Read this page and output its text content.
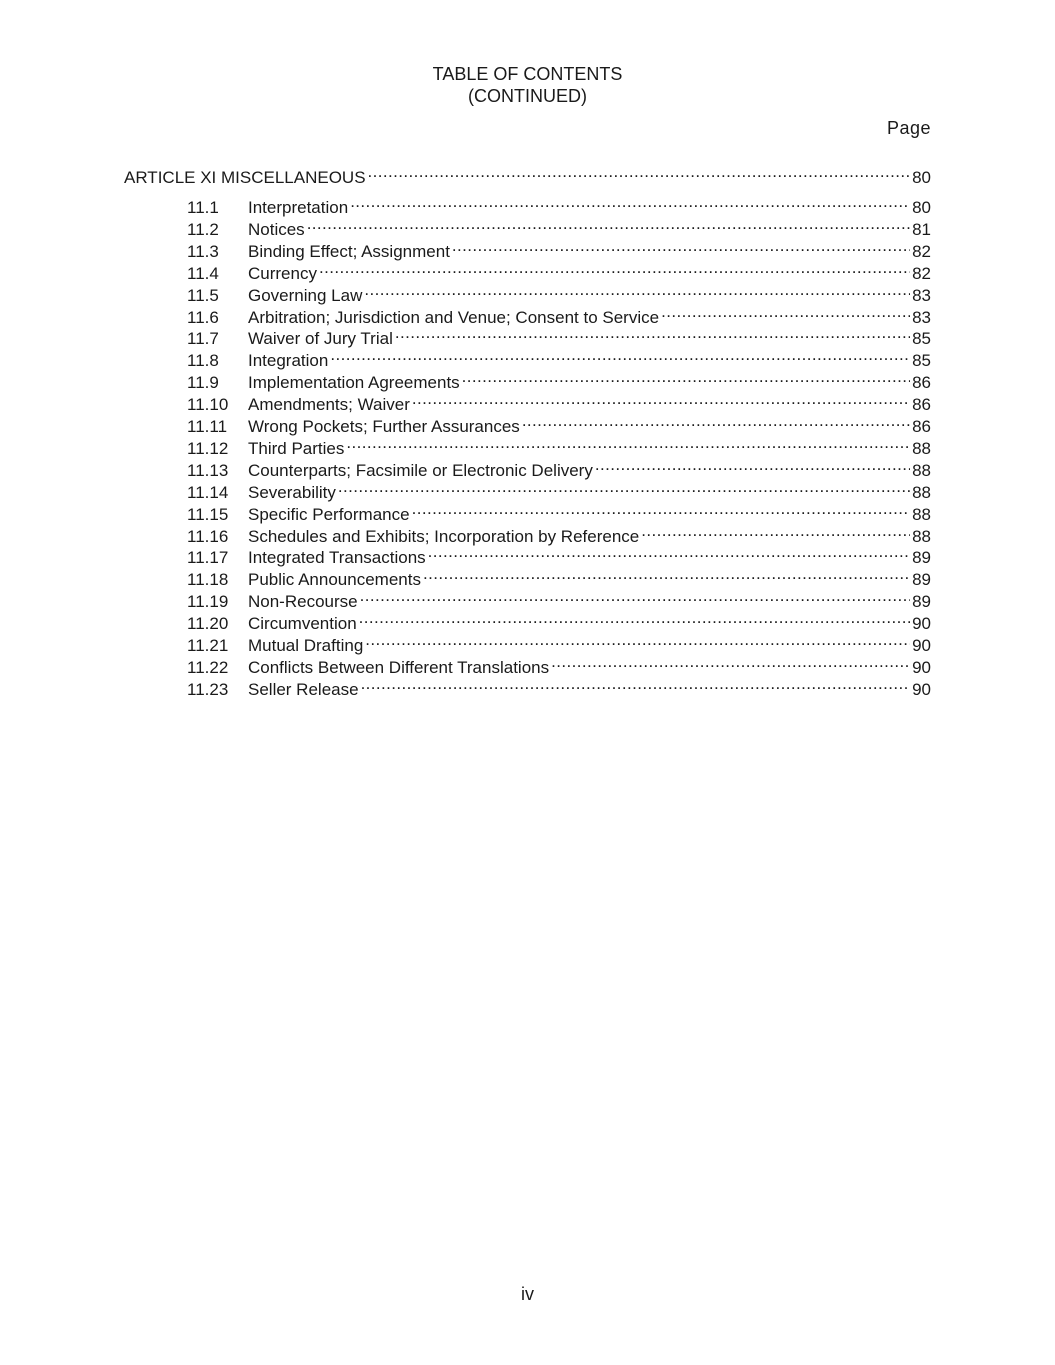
TABLE OF CONTENTS
(CONTINUED)
Page
ARTICLE XI MISCELLANEOUS .....	80
11.1	Interpretation .....	80
11.2	Notices .....	81
11.3	Binding Effect; Assignment .....	82
11.4	Currency .....	82
11.5	Governing Law .....	83
11.6	Arbitration; Jurisdiction and Venue; Consent to Service .....	83
11.7	Waiver of Jury Trial .....	85
11.8	Integration .....	85
11.9	Implementation Agreements .....	86
11.10	Amendments; Waiver .....	86
11.11	Wrong Pockets; Further Assurances .....	86
11.12	Third Parties .....	88
11.13	Counterparts; Facsimile or Electronic Delivery .....	88
11.14	Severability .....	88
11.15	Specific Performance .....	88
11.16	Schedules and Exhibits; Incorporation by Reference .....	88
11.17	Integrated Transactions .....	89
11.18	Public Announcements .....	89
11.19	Non-Recourse .....	89
11.20	Circumvention .....	90
11.21	Mutual Drafting .....	90
11.22	Conflicts Between Different Translations .....	90
11.23	Seller Release .....	90
iv
